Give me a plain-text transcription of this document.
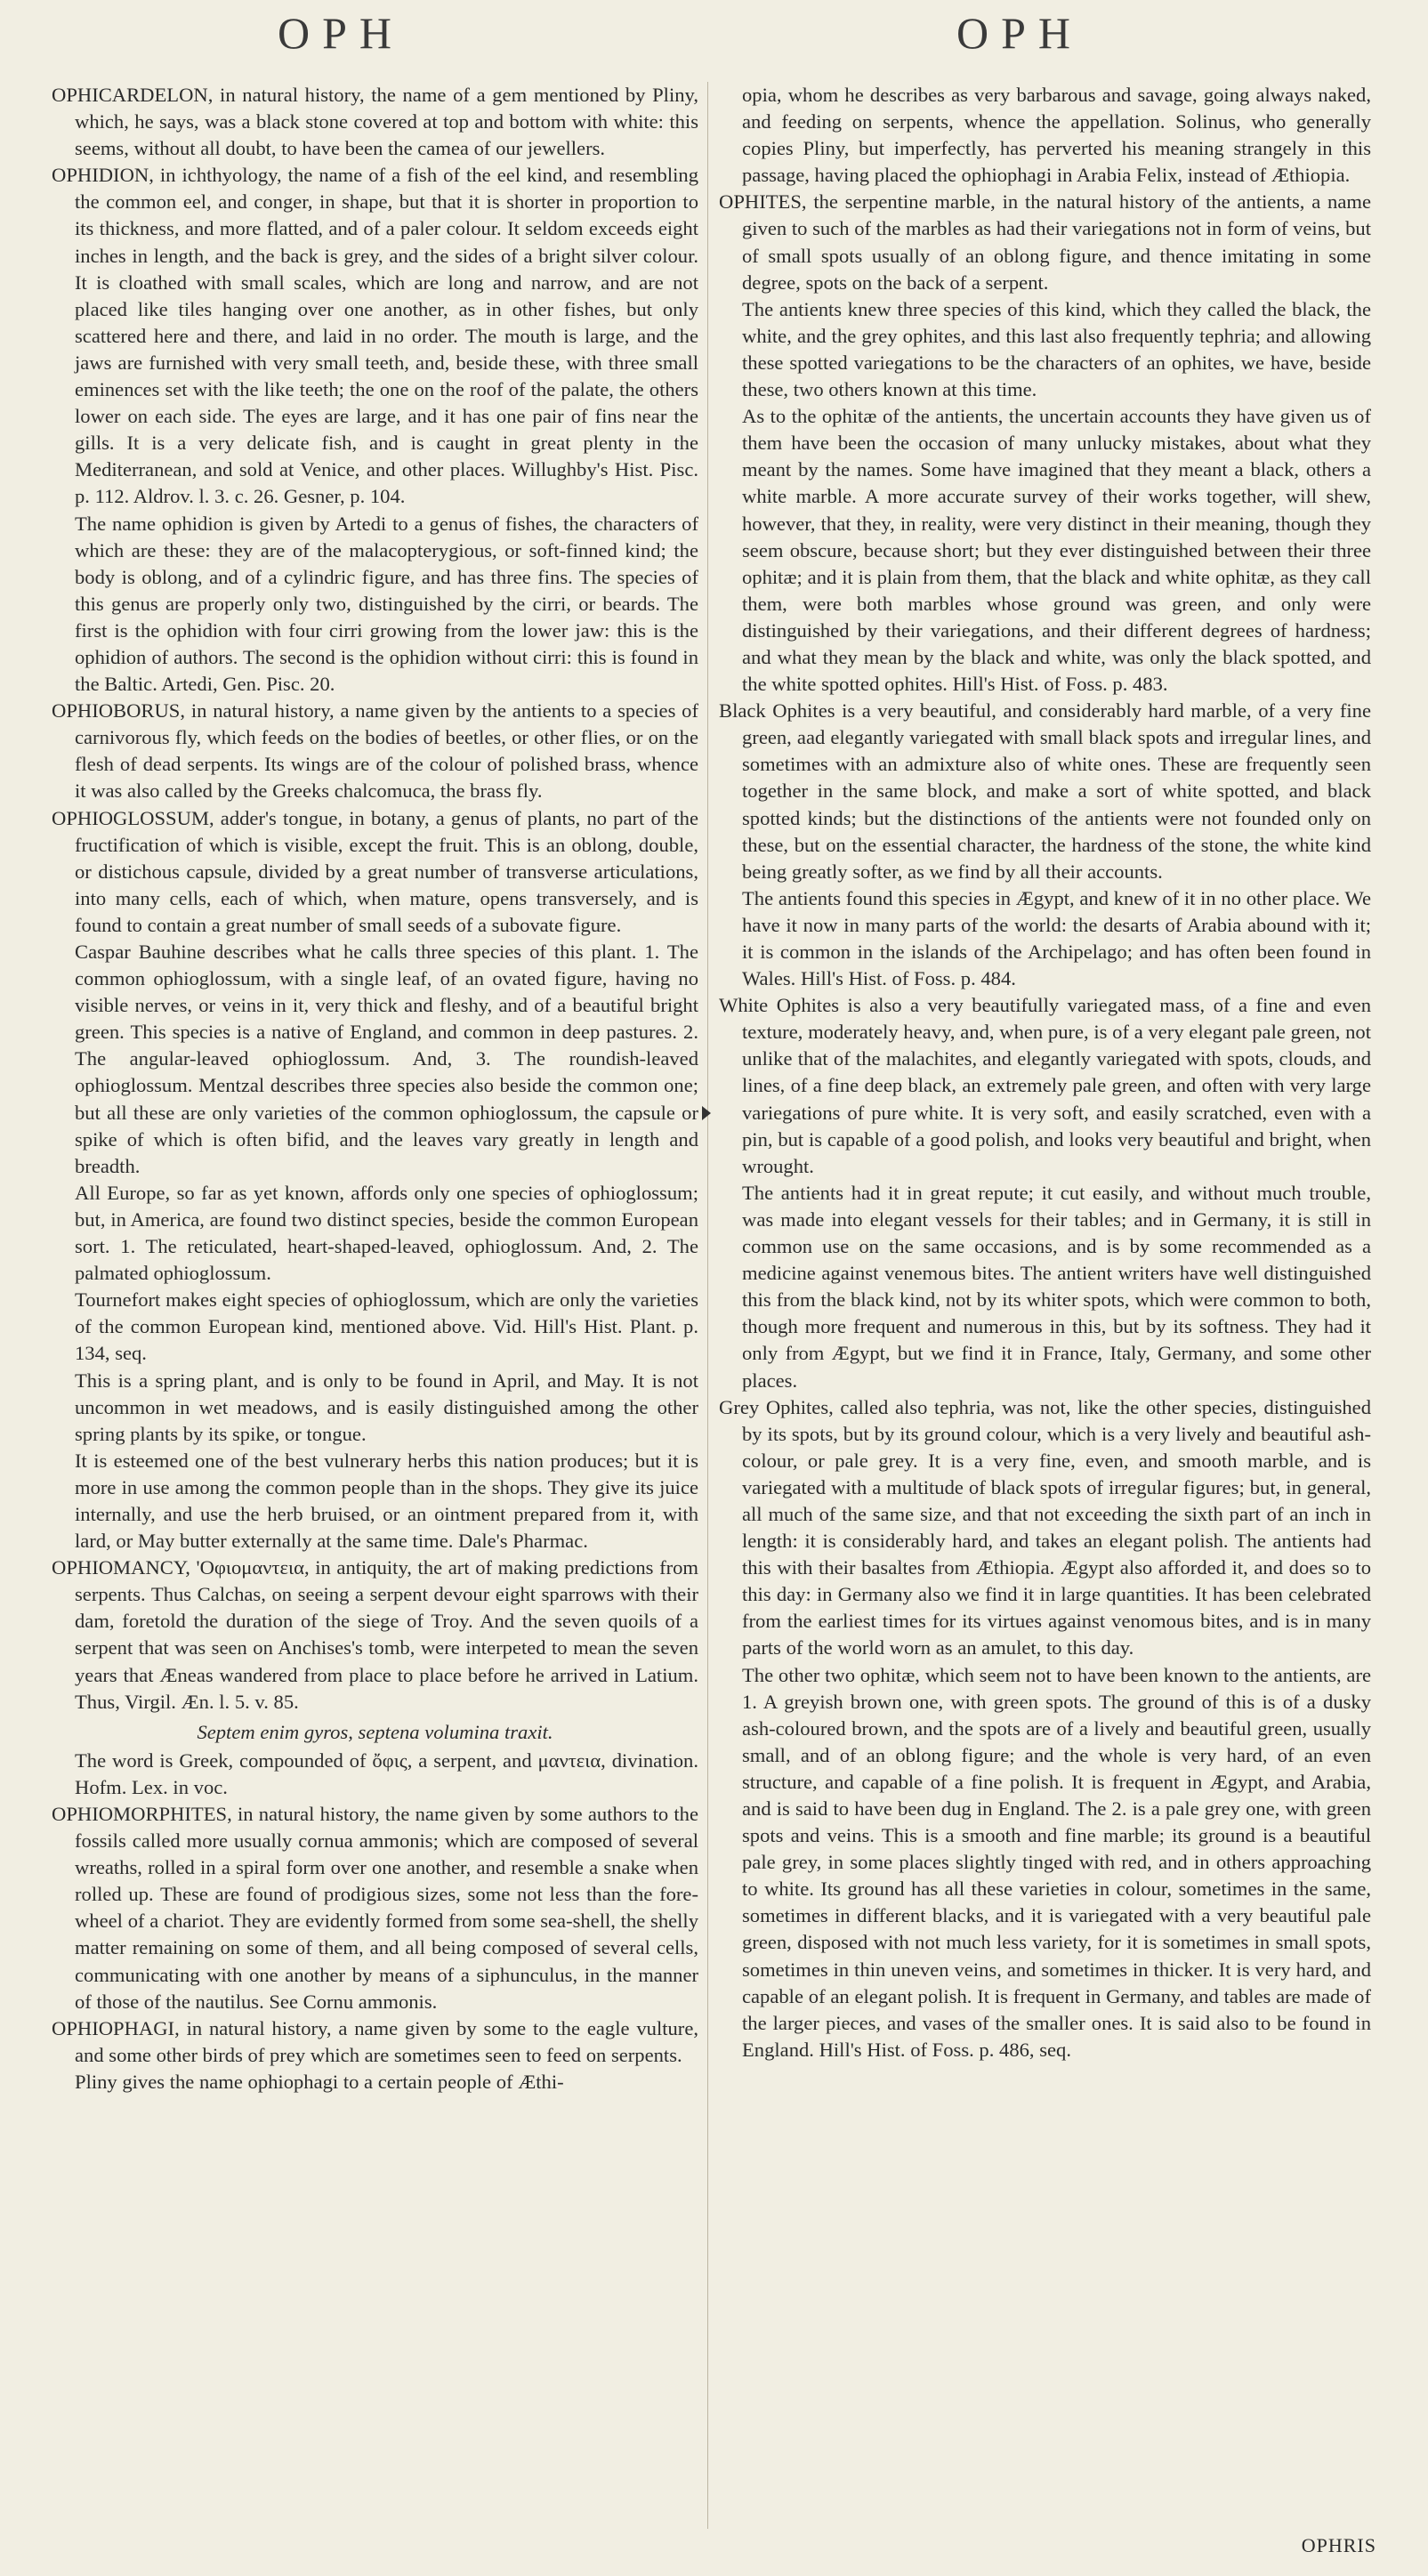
OPH	OPH

OPHICARDELON, in natural history, the name of a gem mentioned by Pliny, which, he says, was a black stone covered at top and bottom with white: this seems, without all doubt, to have been the camea of our jewellers.

OPHIDION, in ichthyology, the name of a fish of the eel kind, and resembling the common eel, and conger, in shape, but that it is shorter in proportion to its thickness, and more flatted, and of a paler colour. It seldom exceeds eight inches in length, and the back is grey, and the sides of a bright silver colour. It is cloathed with small scales, which are long and narrow, and are not placed like tiles hanging over one another, as in other fishes, but only scattered here and there, and laid in no order. The mouth is large, and the jaws are furnished with very small teeth, and, beside these, with three small eminences set with the like teeth; the one on the roof of the palate, the others lower on each side. The eyes are large, and it has one pair of fins near the gills. It is a very delicate fish, and is caught in great plenty in the Mediterranean, and sold at Venice, and other places. Willughby's Hist. Pisc. p. 112. Aldrov. l. 3. c. 26. Gesner, p. 104.

The name ophidion is given by Artedi to a genus of fishes, the characters of which are these: they are of the malacopterygious, or soft-finned kind; the body is oblong, and of a cylindric figure, and has three fins. The species of this genus are properly only two, distinguished by the cirri, or beards. The first is the ophidion with four cirri growing from the lower jaw: this is the ophidion of authors. The second is the ophidion without cirri: this is found in the Baltic. Artedi, Gen. Pisc. 20.

OPHIOBORUS, in natural history, a name given by the antients to a species of carnivorous fly, which feeds on the bodies of beetles, or other flies, or on the flesh of dead serpents. Its wings are of the colour of polished brass, whence it was also called by the Greeks chalcomuca, the brass fly.

OPHIOGLOSSUM, adder's tongue, in botany, a genus of plants, no part of the fructification of which is visible, except the fruit. This is an oblong, double, or distichous capsule, divided by a great number of transverse articulations, into many cells, each of which, when mature, opens transversely, and is found to contain a great number of small seeds of a subovate figure.

Caspar Bauhine describes what he calls three species of this plant. 1. The common ophioglossum, with a single leaf, of an ovated figure, having no visible nerves, or veins in it, very thick and fleshy, and of a beautiful bright green. This species is a native of England, and common in deep pastures. 2. The angular-leaved ophioglossum. And, 3. The roundish-leaved ophioglossum. Mentzal describes three species also beside the common one; but all these are only varieties of the common ophioglossum, the capsule or spike of which is often bifid, and the leaves vary greatly in length and breadth.

All Europe, so far as yet known, affords only one species of ophioglossum; but, in America, are found two distinct species, beside the common European sort. 1. The reticulated, heart-shaped-leaved, ophioglossum. And, 2. The palmated ophioglossum.

Tournefort makes eight species of ophioglossum, which are only the varieties of the common European kind, mentioned above. Vid. Hill's Hist. Plant. p. 134, seq.

This is a spring plant, and is only to be found in April, and May. It is not uncommon in wet meadows, and is easily distinguished among the other spring plants by its spike, or tongue.

It is esteemed one of the best vulnerary herbs this nation produces; but it is more in use among the common people than in the shops. They give its juice internally, and use the herb bruised, or an ointment prepared from it, with lard, or May butter externally at the same time. Dale's Pharmac.

OPHIOMANCY, 'Οφιομαντεια, in antiquity, the art of making predictions from serpents. Thus Calchas, on seeing a serpent devour eight sparrows with their dam, foretold the duration of the siege of Troy. And the seven quoils of a serpent that was seen on Anchises's tomb, were interpeted to mean the seven years that Æneas wandered from place to place before he arrived in Latium. Thus, Virgil. Æn. l. 5. v. 85.

Septem enim gyros, septena volumina traxit.

The word is Greek, compounded of ὄφις, a serpent, and μαντεια, divination. Hofm. Lex. in voc.

OPHIOMORPHITES, in natural history, the name given by some authors to the fossils called more usually cornua ammonis; which are composed of several wreaths, rolled in a spiral form over one another, and resemble a snake when rolled up. These are found of prodigious sizes, some not less than the fore-wheel of a chariot. They are evidently formed from some sea-shell, the shelly matter remaining on some of them, and all being composed of several cells, communicating with one another by means of a siphunculus, in the manner of those of the nautilus. See Cornu ammonis.

OPHIOPHAGI, in natural history, a name given by some to the eagle vulture, and some other birds of prey which are sometimes seen to feed on serpents.

Pliny gives the name ophiophagi to a certain people of Æthi-

opia, whom he describes as very barbarous and savage, going always naked, and feeding on serpents, whence the appellation. Solinus, who generally copies Pliny, but imperfectly, has perverted his meaning strangely in this passage, having placed the ophiophagi in Arabia Felix, instead of Æthiopia.

OPHITES, the serpentine marble, in the natural history of the antients, a name given to such of the marbles as had their variegations not in form of veins, but of small spots usually of an oblong figure, and thence imitating in some degree, spots on the back of a serpent.

The antients knew three species of this kind, which they called the black, the white, and the grey ophites, and this last also frequently tephria; and allowing these spotted variegations to be the characters of an ophites, we have, beside these, two others known at this time.

As to the ophitæ of the antients, the uncertain accounts they have given us of them have been the occasion of many unlucky mistakes, about what they meant by the names. Some have imagined that they meant a black, others a white marble. A more accurate survey of their works together, will shew, however, that they, in reality, were very distinct in their meaning, though they seem obscure, because short; but they ever distinguished between their three ophitæ; and it is plain from them, that the black and white ophitæ, as they call them, were both marbles whose ground was green, and only were distinguished by their variegations, and their different degrees of hardness; and what they mean by the black and white, was only the black spotted, and the white spotted ophites. Hill's Hist. of Foss. p. 483.

Black Ophites is a very beautiful, and considerably hard marble, of a very fine green, aad elegantly variegated with small black spots and irregular lines, and sometimes with an admixture also of white ones. These are frequently seen together in the same block, and make a sort of white spotted, and black spotted kinds; but the distinctions of the antients were not founded only on these, but on the essential character, the hardness of the stone, the white kind being greatly softer, as we find by all their accounts.

The antients found this species in Ægypt, and knew of it in no other place. We have it now in many parts of the world: the desarts of Arabia abound with it; it is common in the islands of the Archipelago; and has often been found in Wales. Hill's Hist. of Foss. p. 484.

White Ophites is also a very beautifully variegated mass, of a fine and even texture, moderately heavy, and, when pure, is of a very elegant pale green, not unlike that of the malachites, and elegantly variegated with spots, clouds, and lines, of a fine deep black, an extremely pale green, and often with very large variegations of pure white. It is very soft, and easily scratched, even with a pin, but is capable of a good polish, and looks very beautiful and bright, when wrought.

The antients had it in great repute; it cut easily, and without much trouble, was made into elegant vessels for their tables; and in Germany, it is still in common use on the same occasions, and is by some recommended as a medicine against venemous bites. The antient writers have well distinguished this from the black kind, not by its whiter spots, which were common to both, though more frequent and numerous in this, but by its softness. They had it only from Ægypt, but we find it in France, Italy, Germany, and some other places.

Grey Ophites, called also tephria, was not, like the other species, distinguished by its spots, but by its ground colour, which is a very lively and beautiful ash-colour, or pale grey. It is a very fine, even, and smooth marble, and is variegated with a multitude of black spots of irregular figures; but, in general, all much of the same size, and that not exceeding the sixth part of an inch in length: it is considerably hard, and takes an elegant polish. The antients had this with their basaltes from Æthiopia. Ægypt also afforded it, and does so to this day: in Germany also we find it in large quantities. It has been celebrated from the earliest times for its virtues against venomous bites, and is in many parts of the world worn as an amulet, to this day.

The other two ophitæ, which seem not to have been known to the antients, are 1. A greyish brown one, with green spots. The ground of this is of a dusky ash-coloured brown, and the spots are of a lively and beautiful green, usually small, and of an oblong figure; and the whole is very hard, of an even structure, and capable of a fine polish. It is frequent in Ægypt, and Arabia, and is said to have been dug in England. The 2. is a pale grey one, with green spots and veins. This is a smooth and fine marble; its ground is a beautiful pale grey, in some places slightly tinged with red, and in others approaching to white. Its ground has all these varieties in colour, sometimes in the same, sometimes in different blacks, and it is variegated with a very beautiful pale green, disposed with not much less variety, for it is sometimes in small spots, sometimes in thin uneven veins, and sometimes in thicker. It is very hard, and capable of an elegant polish. It is frequent in Germany, and tables are made of the larger pieces, and vases of the smaller ones. It is said also to be found in England. Hill's Hist. of Foss. p. 486, seq.

OPHRIS
